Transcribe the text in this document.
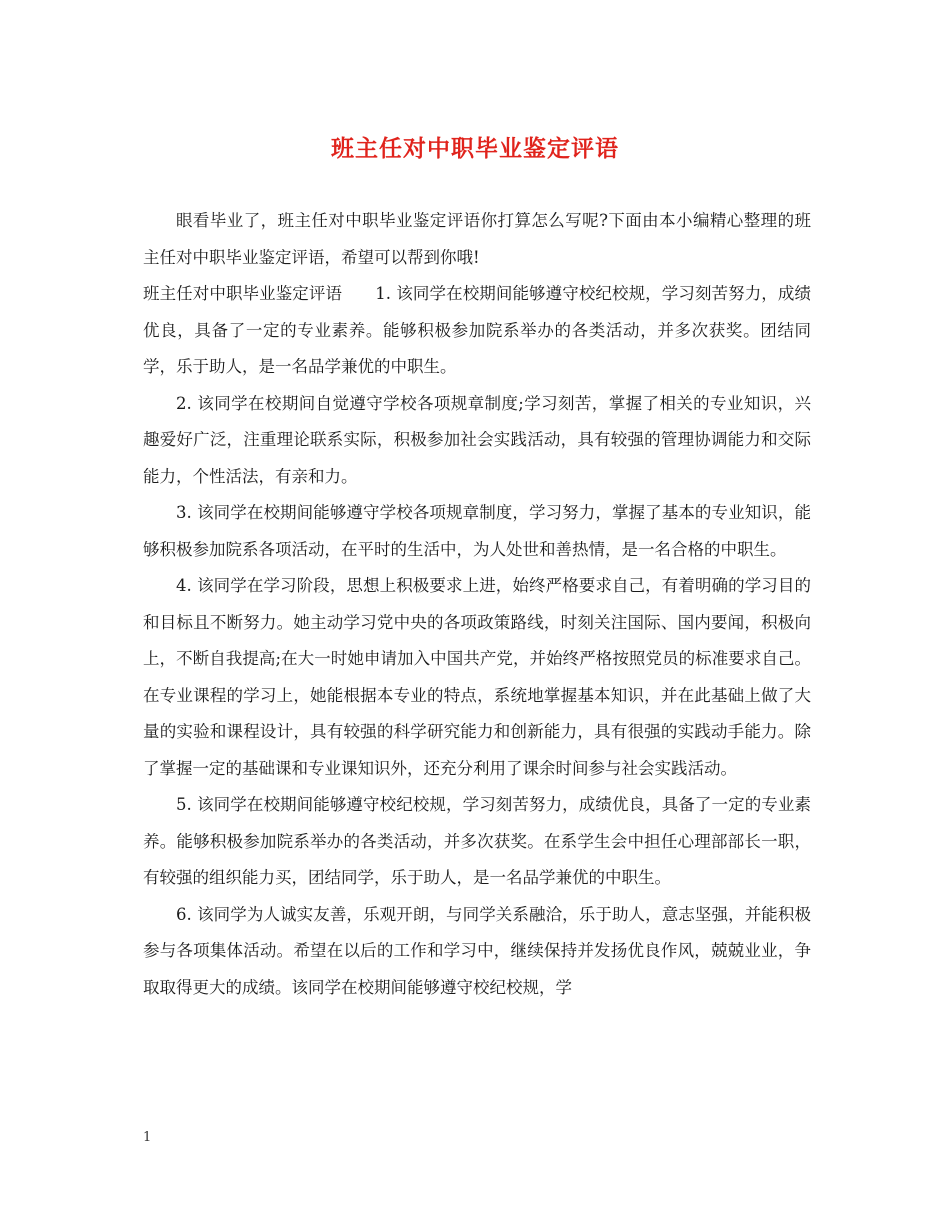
班主任对中职毕业鉴定评语

眼看毕业了，班主任对中职毕业鉴定评语你打算怎么写呢?下面由本小编精心整理的班主任对中职毕业鉴定评语，希望可以帮到你哦!

班主任对中职毕业鉴定评语　　1. 该同学在校期间能够遵守校纪校规，学习刻苦努力，成绩优良，具备了一定的专业素养。能够积极参加院系举办的各类活动，并多次获奖。团结同学，乐于助人，是一名品学兼优的中职生。

2. 该同学在校期间自觉遵守学校各项规章制度;学习刻苦，掌握了相关的专业知识，兴趣爱好广泛，注重理论联系实际，积极参加社会实践活动，具有较强的管理协调能力和交际能力，个性活法，有亲和力。

3. 该同学在校期间能够遵守学校各项规章制度，学习努力，掌握了基本的专业知识，能够积极参加院系各项活动，在平时的生活中，为人处世和善热情，是一名合格的中职生。

4. 该同学在学习阶段，思想上积极要求上进，始终严格要求自己，有着明确的学习目的和目标且不断努力。她主动学习党中央的各项政策路线，时刻关注国际、国内要闻，积极向上，不断自我提高;在大一时她申请加入中国共产党，并始终严格按照党员的标准要求自己。在专业课程的学习上，她能根据本专业的特点，系统地掌握基本知识，并在此基础上做了大量的实验和课程设计，具有较强的科学研究能力和创新能力，具有很强的实践动手能力。除了掌握一定的基础课和专业课知识外，还充分利用了课余时间参与社会实践活动。

5. 该同学在校期间能够遵守校纪校规，学习刻苦努力，成绩优良，具备了一定的专业素养。能够积极参加院系举办的各类活动，并多次获奖。在系学生会中担任心理部部长一职，有较强的组织能力买，团结同学，乐于助人，是一名品学兼优的中职生。

6. 该同学为人诚实友善，乐观开朗，与同学关系融洽，乐于助人，意志坚强，并能积极参与各项集体活动。希望在以后的工作和学习中，继续保持并发扬优良作风，兢兢业业，争取取得更大的成绩。该同学在校期间能够遵守校纪校规，学

1
